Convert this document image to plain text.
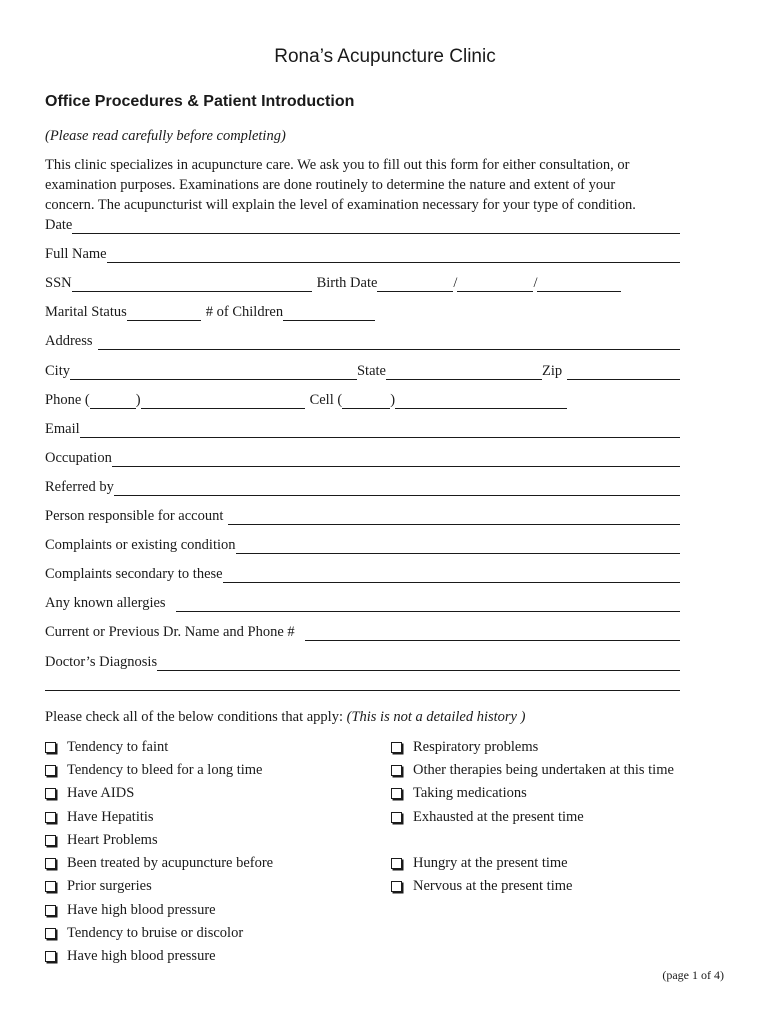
Rona’s Acupuncture Clinic
Office Procedures & Patient Introduction
(Please read carefully before completing)

This clinic specializes in acupuncture care. We ask you to fill out this form for either consultation, or

examination purposes. Examinations are done routinely to determine the nature and extent of your

concern. The acupuncturist will explain the level of examination necessary for your type of condition.

Date
Full Name
SSN	Birth Date	/	/
Marital Status	# of Children
Address
City	State	Zip
Phone (	)	Cell (	)
Email
Occupation
Referred by
Person responsible for account
Complaints or existing condition
Complaints secondary to these
Any known allergies
Current or Previous Dr. Name and Phone #
Doctor’s Diagnosis
Please check all of the below conditions that apply: (This is not a detailed history )
Tendency to faint
Tendency to bleed for a long time
Have AIDS
Have Hepatitis
Heart Problems
Been treated by acupuncture before
Prior surgeries
Have high blood pressure
Tendency to bruise or discolor
Have high blood pressure
Respiratory problems
Other therapies being undertaken at this time
Taking medications
Exhausted at the present time
Hungry at the present time
Nervous at the present time
(page 1 of 4)
